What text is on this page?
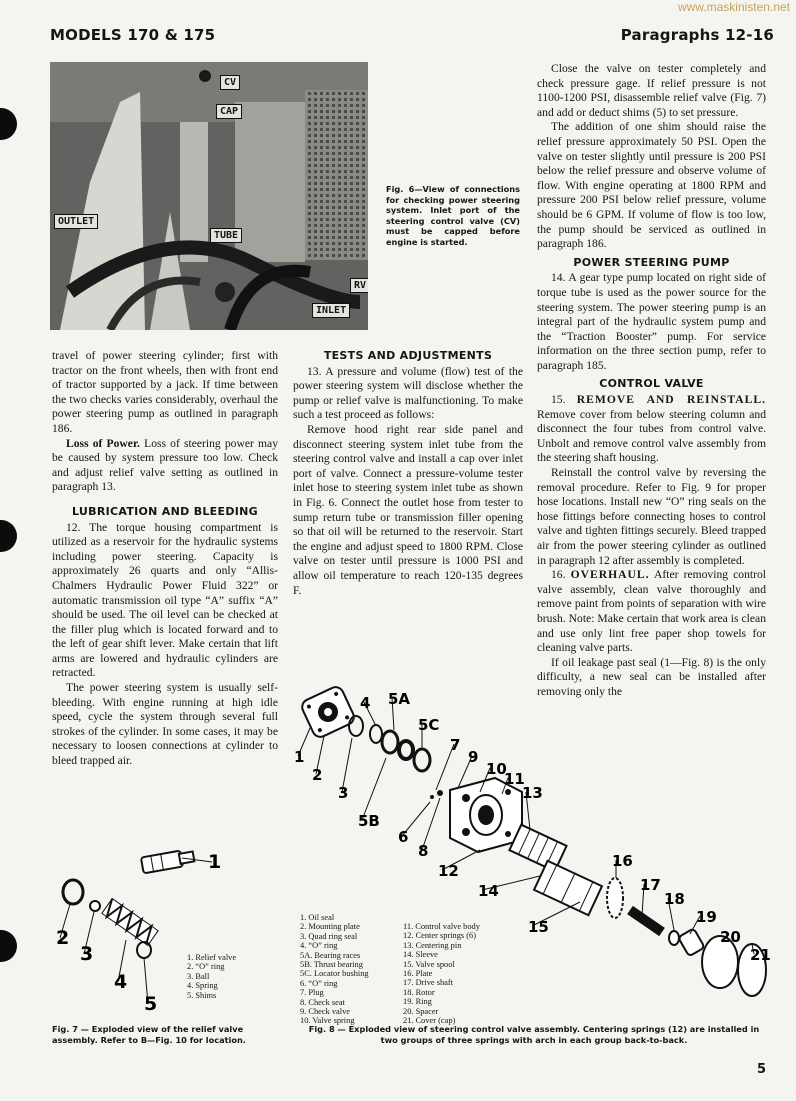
www.maskinisten.net
MODELS 170 & 175	Paragraphs 12-16
CV
CAP
OUTLET
TUBE
RV
INLET
Fig. 6—View of connections for checking power steering system. Inlet port of the steering control valve (CV) must be capped before engine is started.

travel of power steering cylinder; first with tractor on the front wheels, then with front end of tractor supported by a jack. If time between the two checks varies considerably, overhaul the power steering pump as outlined in paragraph 186.

Loss of Power. Loss of steering power may be caused by system pressure too low. Check and adjust relief valve setting as outlined in paragraph 13.

LUBRICATION AND BLEEDING

12. The torque housing compartment is utilized as a reservoir for the hydraulic systems including power steering. Capacity is approximately 26 quarts and only “Allis-Chalmers Hydraulic Power Fluid 322” or automatic transmission oil type “A” suffix “A” should be used. The oil level can be checked at the filler plug which is located forward and to the left of gear shift lever. Make certain that lift arms are lowered and hydraulic cylinders are retracted.

The power steering system is usually self-bleeding. With engine running at high idle speed, cycle the system through several full strokes of the cylinder. In some cases, it may be necessary to loosen connections at cylinder to bleed trapped air.

TESTS AND ADJUSTMENTS

13. A pressure and volume (flow) test of the power steering system will disclose whether the pump or relief valve is malfunctioning. To make such a test proceed as follows:

Remove hood right rear side panel and disconnect steering system inlet tube from the steering control valve and install a cap over inlet port of valve. Connect a pressure-volume tester inlet hose to steering system inlet tube as shown in Fig. 6. Connect the outlet hose from tester to sump return tube or transmission filler opening so that oil will be returned to the reservoir. Start the engine and adjust speed to 1800 RPM. Close valve on tester until pressure is 1000 PSI and allow oil temperature to reach 120-135 degrees F.

Close the valve on tester completely and check pressure gage. If relief pressure is not 1100-1200 PSI, disassemble relief valve (Fig. 7) and add or deduct shims (5) to set pressure.

The addition of one shim should raise the relief pressure approximately 50 PSI. Open the valve on tester slightly until pressure is 200 PSI below the relief pressure and observe volume of flow. With engine operating at 1800 RPM and pressure 200 PSI below relief pressure, volume should be 6 GPM. If volume of flow is too low, the pump should be serviced as outlined in paragraph 186.

POWER STEERING PUMP

14. A gear type pump located on right side of torque tube is used as the power source for the steering system. The power steering pump is an integral part of the hydraulic system pump and the “Traction Booster” pump. For service information on the three section pump, refer to paragraph 185.

CONTROL VALVE

15. REMOVE AND REINSTALL. Remove cover from below steering column and disconnect the four tubes from control valve. Unbolt and remove control valve assembly from the steering shaft housing.

Reinstall the control valve by reversing the removal procedure. Refer to Fig. 9 for proper hose locations. Install new “O” ring seals on the hose fittings before connecting hoses to control valve and tighten fittings securely. Bleed trapped air from the power steering cylinder as outlined in paragraph 12 after assembly is completed.

16. OVERHAUL. After removing control valve assembly, clean valve thoroughly and remove paint from points of separation with wire brush. Note: Make certain that work area is clean and use only lint free paper shop towels for cleaning valve parts.

If oil leakage past seal (1—Fig. 8) is the only difficulty, a new seal can be installed after removing only the

1
2
3
4 5A
5B
5C
6
7
8
9
10
11
12
13
14
15
16
17
18
19
20
21
1
2
3
4
5
1. Relief valve
2. “O” ring
3. Ball
4. Spring
5. Shims
1. Oil seal
2. Mounting plate
3. Quad ring seal
4. “O” ring
5A. Bearing races
5B. Thrust bearing
5C. Locator bushing
6. “O” ring
7. Plug
8. Check seat
9. Check valve
10. Valve spring
11. Control valve body
12. Center springs (6)
13. Centering pin
14. Sleeve
15. Valve spool
16. Plate
17. Drive shaft
18. Rotor
19. Ring
20. Spacer
21. Cover (cap)
Fig. 7 — Exploded view of the relief valve assembly. Refer to B—Fig. 10 for location.
Fig. 8 — Exploded view of steering control valve assembly. Centering springs (12) are installed in two groups of three springs with arch in each group back-to-back.
5
